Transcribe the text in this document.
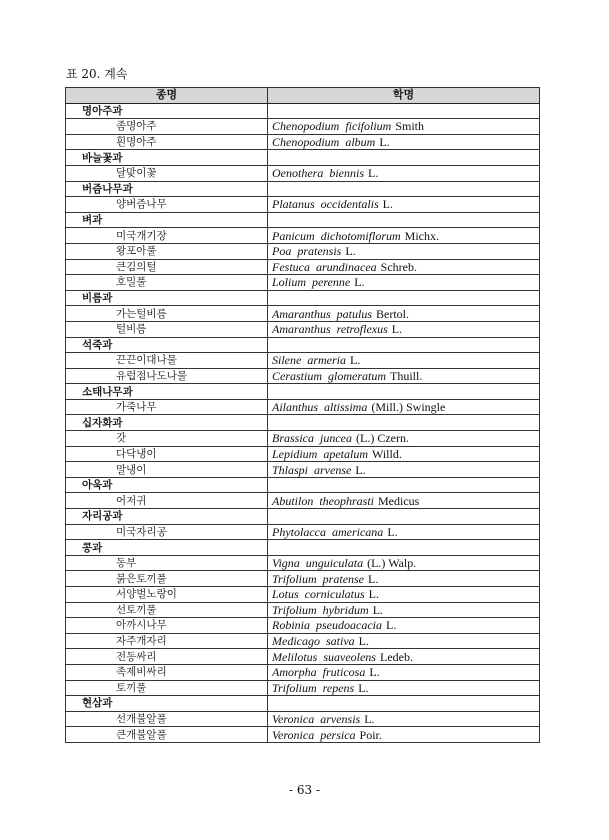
표 20. 계속
종명	학명
명아주과	
좀명아주	Chenopodium ficifolium Smith
흰명아주	Chenopodium album L.
바늘꽃과	
달맞이꽃	Oenothera biennis L.
버즘나무과	
양버즘나무	Platanus occidentalis L.
벼과	
미국개기장	Panicum dichotomiflorum Michx.
왕포아풀	Poa pratensis L.
큰김의털	Festuca arundinacea Schreb.
호밀풀	Lolium perenne L.
비름과	
가는털비름	Amaranthus patulus Bertol.
털비름	Amaranthus retroflexus L.
석죽과	
끈끈이대나물	Silene armeria L.
유럽점나도나물	Cerastium glomeratum Thuill.
소태나무과	
가죽나무	Ailanthus altissima (Mill.) Swingle
십자화과	
갓	Brassica juncea (L.) Czern.
다닥냉이	Lepidium apetalum Willd.
말냉이	Thlaspi arvense L.
아욱과	
어저귀	Abutilon theophrasti Medicus
자리공과	
미국자리공	Phytolacca americana L.
콩과	
동부	Vigna unguiculata (L.) Walp.
붉은토끼풀	Trifolium pratense L.
서양벌노랑이	Lotus corniculatus L.
선토끼풀	Trifolium hybridum L.
아까시나무	Robinia pseudoacacia L.
자주개자리	Medicago sativa L.
전동싸리	Melilotus suaveolens Ledeb.
족제비싸리	Amorpha fruticosa L.
토끼풀	Trifolium repens L.
현삼과	
선개불알풀	Veronica arvensis L.
큰개불알풀	Veronica persica Poir.
- 63 -
